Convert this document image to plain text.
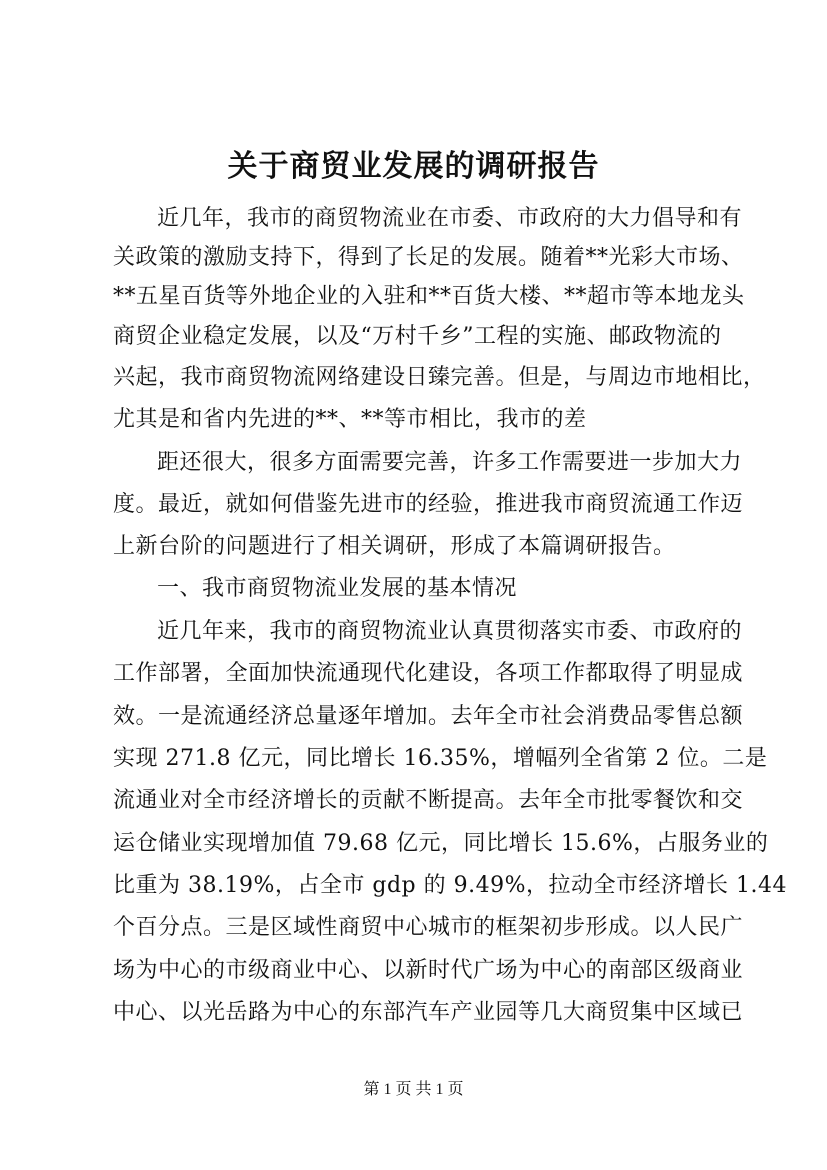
关于商贸业发展的调研报告
近几年，我市的商贸物流业在市委、市政府的大力倡导和有
关政策的激励支持下，得到了长足的发展。随着**光彩大市场、
**五星百货等外地企业的入驻和**百货大楼、**超市等本地龙头
商贸企业稳定发展，以及“万村千乡”工程的实施、邮政物流的
兴起，我市商贸物流网络建设日臻完善。但是，与周边市地相比，
尤其是和省内先进的**、**等市相比，我市的差
距还很大，很多方面需要完善，许多工作需要进一步加大力
度。最近，就如何借鉴先进市的经验，推进我市商贸流通工作迈
上新台阶的问题进行了相关调研，形成了本篇调研报告。
一、我市商贸物流业发展的基本情况
近几年来，我市的商贸物流业认真贯彻落实市委、市政府的
工作部署，全面加快流通现代化建设，各项工作都取得了明显成
效。一是流通经济总量逐年增加。去年全市社会消费品零售总额
实现 271.8 亿元，同比增长 16.35%，增幅列全省第 2 位。二是
流通业对全市经济增长的贡献不断提高。去年全市批零餐饮和交
运仓储业实现增加值 79.68 亿元，同比增长 15.6%，占服务业的
比重为 38.19%，占全市 gdp 的 9.49%，拉动全市经济增长 1.44
个百分点。三是区域性商贸中心城市的框架初步形成。以人民广
场为中心的市级商业中心、以新时代广场为中心的南部区级商业
中心、以光岳路为中心的东部汽车产业园等几大商贸集中区域已
第 1 页 共 1 页
